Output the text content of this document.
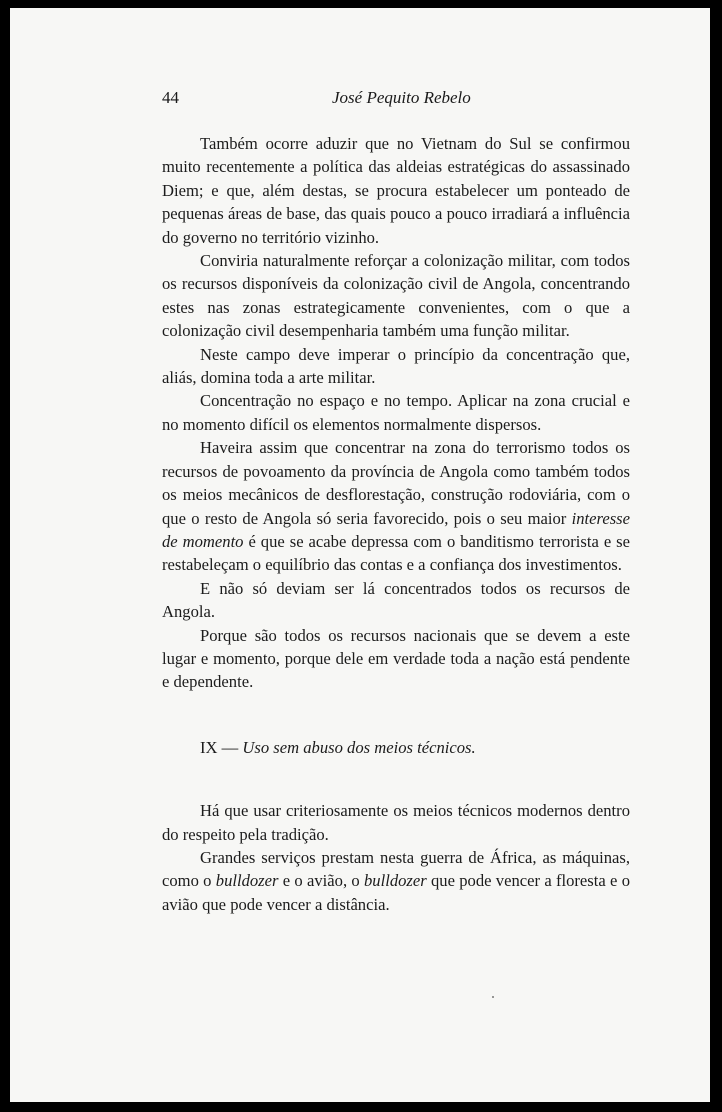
44	José Pequito Rebelo

Também ocorre aduzir que no Vietnam do Sul se confirmou muito recentemente a política das aldeias estratégicas do assassinado Diem; e que, além destas, se procura estabelecer um ponteado de pequenas áreas de base, das quais pouco a pouco irradiará a influência do governo no território vizinho.

Conviria naturalmente reforçar a colonização militar, com todos os recursos disponíveis da colonização civil de Angola, concentrando estes nas zonas estrategicamente convenientes, com o que a colonização civil desempenharia também uma função militar.

Neste campo deve imperar o princípio da concentração que, aliás, domina toda a arte militar.

Concentração no espaço e no tempo. Aplicar na zona crucial e no momento difícil os elementos normalmente dispersos.

Haveira assim que concentrar na zona do terrorismo todos os recursos de povoamento da província de Angola como também todos os meios mecânicos de desflorestação, construção rodoviária, com o que o resto de Angola só seria favorecido, pois o seu maior interesse de momento é que se acabe depressa com o banditismo terrorista e se restabeleçam o equilíbrio das contas e a confiança dos investimentos.

E não só deviam ser lá concentrados todos os recursos de Angola.

Porque são todos os recursos nacionais que se devem a este lugar e momento, porque dele em verdade toda a nação está pendente e dependente.

IX — Uso sem abuso dos meios técnicos.

Há que usar criteriosamente os meios técnicos modernos dentro do respeito pela tradição.

Grandes serviços prestam nesta guerra de África, as máquinas, como o bulldozer e o avião, o bulldozer que pode vencer a floresta e o avião que pode vencer a distância.
